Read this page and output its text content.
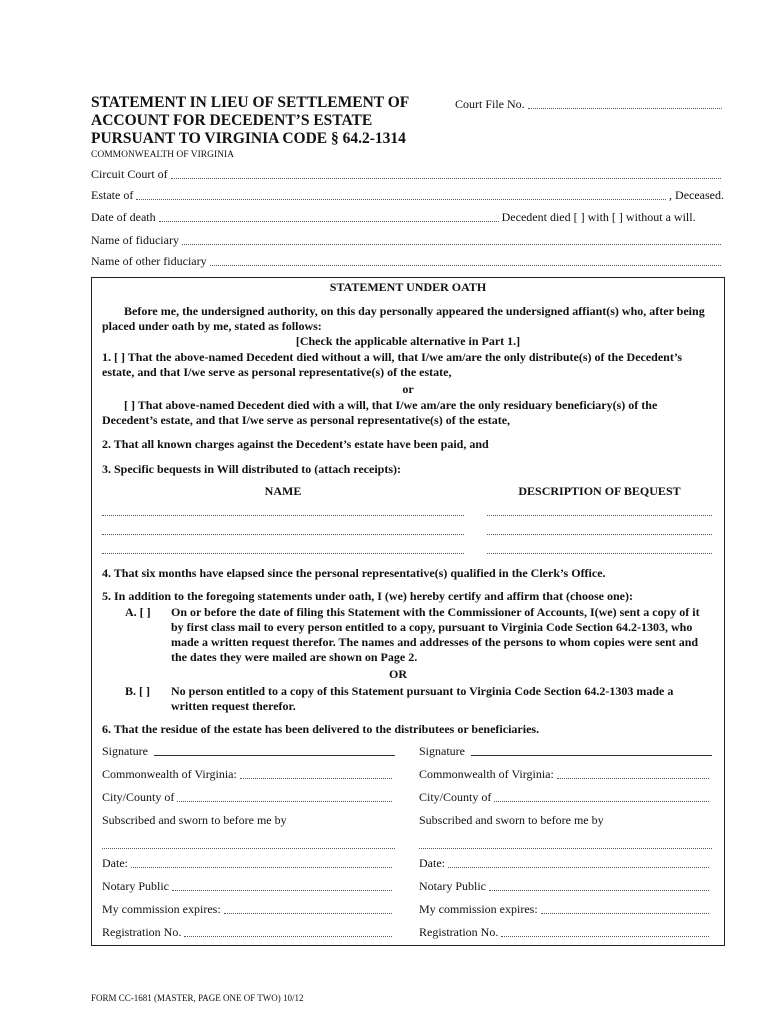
STATEMENT IN LIEU OF SETTLEMENT OF
ACCOUNT FOR DECEDENT’S ESTATE
PURSUANT TO VIRGINIA CODE § 64.2-1314
COMMONWEALTH OF VIRGINIA
Court File No.
Circuit Court of
Estate of	, Deceased.
Date of death	Decedent died [ ] with [ ] without a will.
Name of fiduciary
Name of other fiduciary
STATEMENT UNDER OATH
Before me, the undersigned authority, on this day personally appeared the undersigned affiant(s) who, after being placed under oath by me, stated as follows:
[Check the applicable alternative in Part 1.]
1. [ ] That the above-named Decedent died without a will, that I/we am/are the only distribute(s) of the Decedent’s estate, and that I/we serve as personal representative(s) of the estate,
or
[ ] That above-named Decedent died with a will, that I/we am/are the only residuary beneficiary(s) of the Decedent’s estate, and that I/we serve as personal representative(s) of the estate,
2. That all known charges against the Decedent’s estate have been paid, and
3. Specific bequests in Will distributed to (attach receipts):
NAME	DESCRIPTION OF BEQUEST
4. That six months have elapsed since the personal representative(s) qualified in the Clerk’s Office.
5. In addition to the foregoing statements under oath, I (we) hereby certify and affirm that (choose one):
A. [ ]	On or before the date of filing this Statement with the Commissioner of Accounts, I(we) sent a copy of it by first class mail to every person entitled to a copy, pursuant to Virginia Code Section 64.2-1303, who made a written request therefor. The names and addresses of the persons to whom copies were sent and the dates they were mailed are shown on Page 2.
OR
B. [ ]	No person entitled to a copy of this Statement pursuant to Virginia Code Section 64.2-1303 made a written request therefor.
6. That the residue of the estate has been delivered to the distributees or beneficiaries.
Signature
Commonwealth of Virginia:
City/County of
Subscribed and sworn to before me by
Date:
Notary Public
My commission expires:
Registration No.
Signature
Commonwealth of Virginia:
City/County of
Subscribed and sworn to before me by
Date:
Notary Public
My commission expires:
Registration No.
FORM CC-1681 (MASTER, PAGE ONE OF TWO) 10/12
